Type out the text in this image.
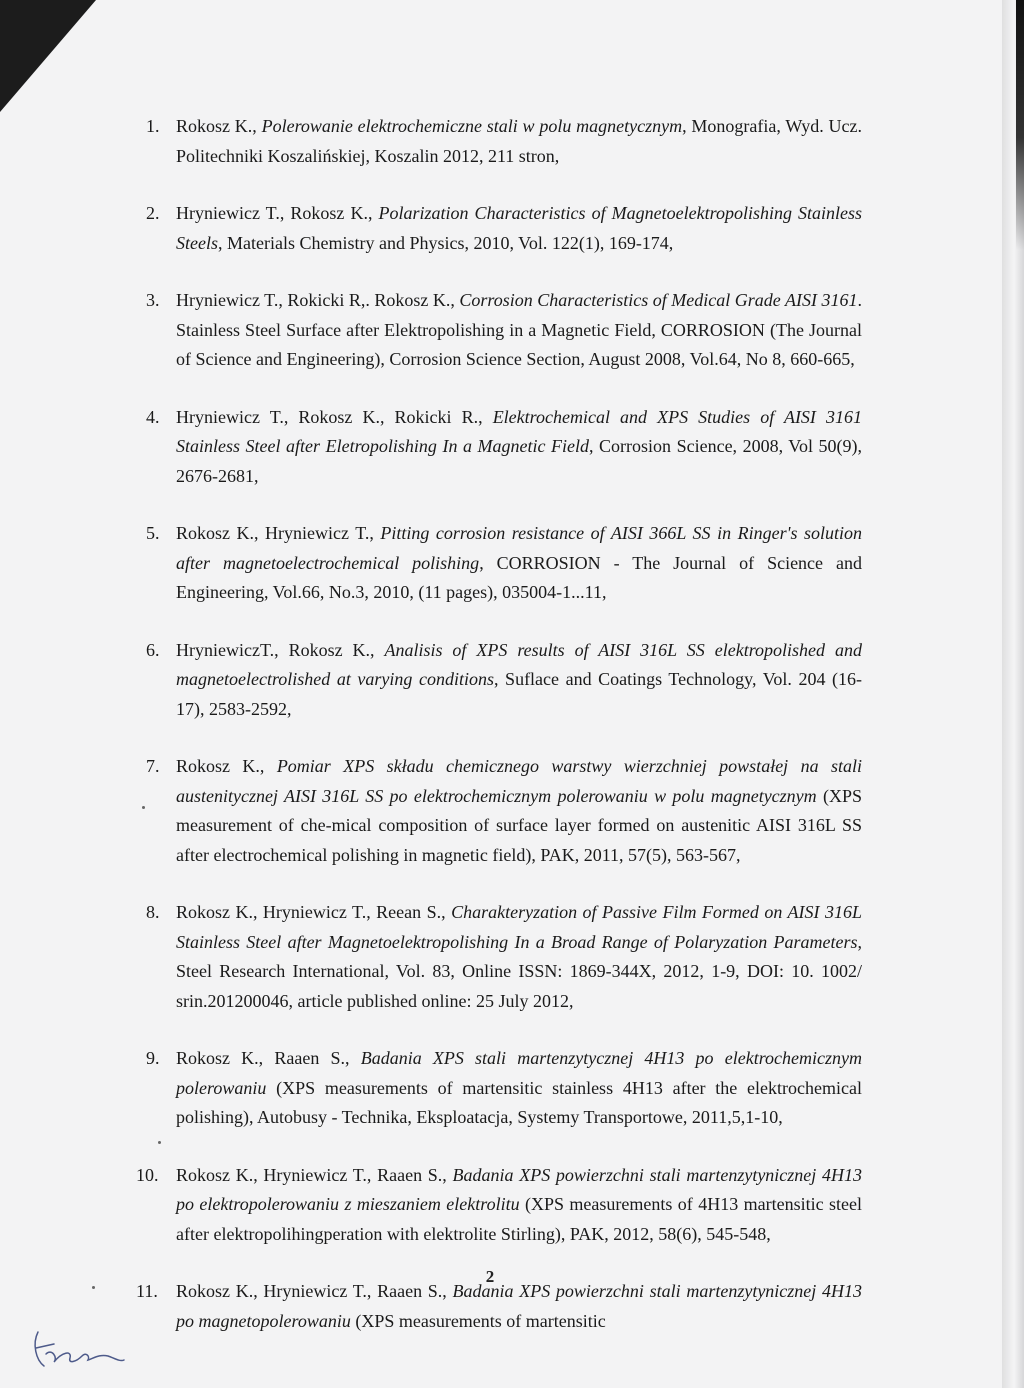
1. Rokosz K., Polerowanie elektrochemiczne stali w polu magnetycznym, Monografia, Wyd. Ucz. Politechniki Koszalińskiej, Koszalin 2012, 211 stron,
2. Hryniewicz T., Rokosz K., Polarization Characteristics of Magnetoelektropolishing Stainless Steels, Materials Chemistry and Physics, 2010, Vol. 122(1), 169-174,
3. Hryniewicz T., Rokicki R,. Rokosz K., Corrosion Characteristics of Medical Grade AISI 3161. Stainless Steel Surface after Elektropolishing in a Magnetic Field, CORROSION (The Journal of Science and Engineering), Corrosion Science Section, August 2008, Vol.64, No 8, 660-665,
4. Hryniewicz T., Rokosz K., Rokicki R., Elektrochemical and XPS Studies of AISI 3161 Stainless Steel after Eletropolishing In a Magnetic Field, Corrosion Science, 2008, Vol 50(9), 2676-2681,
5. Rokosz K., Hryniewicz T., Pitting corrosion resistance of AISI 366L SS in Ringer's solution after magnetoelectrochemical polishing, CORROSION - The Journal of Science and Engineering, Vol.66, No.3, 2010, (11 pages), 035004-1...11,
6. HryniewiczT., Rokosz K., Analisis of XPS results of AISI 316L SS elektropolished and magnetoelectrolished at varying conditions, Suflace and Coatings Technology, Vol. 204 (16-17), 2583-2592,
7. Rokosz K., Pomiar XPS składu chemicznego warstwy wierzchniej powstałej na stali austenitycznej AISI 316L SS po elektrochemicznym polerowaniu w polu magnetycznym (XPS measurement of che-mical composition of surface layer formed on austenitic AISI 316L SS after electrochemical polishing in magnetic field), PAK, 2011, 57(5), 563-567,
8. Rokosz K., Hryniewicz T., Reean S., Charakteryzation of Passive Film Formed on AISI 316L Stainless Steel after Magnetoelektropolishing In a Broad Range of Polaryzation Parameters, Steel Research International, Vol. 83, Online ISSN: 1869-344X, 2012, 1-9, DOI: 10. 1002/ srin.201200046, article published online: 25 July 2012,
9. Rokosz K., Raaen S., Badania XPS stali martenzytycznej 4H13 po elektrochemicznym polerowaniu (XPS measurements of martensitic stainless 4H13 after the elektrochemical polishing), Autobusy - Technika, Eksploatacja, Systemy Transportowe, 2011,5,1-10,
10. Rokosz K., Hryniewicz T., Raaen S., Badania XPS powierzchni stali martenzytynicznej 4H13 po elektropolerowaniu z mieszaniem elektrolitu (XPS measurements of 4H13 martensitic steel after elektropolihingperation with elektrolite Stirling), PAK, 2012, 58(6), 545-548,
11.	Rokosz K., Hryniewicz T., Raaen S., Badania XPS powierzchni stali martenzytynicznej 4H13 po magnetopolerowaniu (XPS measurements of martensitic
2
